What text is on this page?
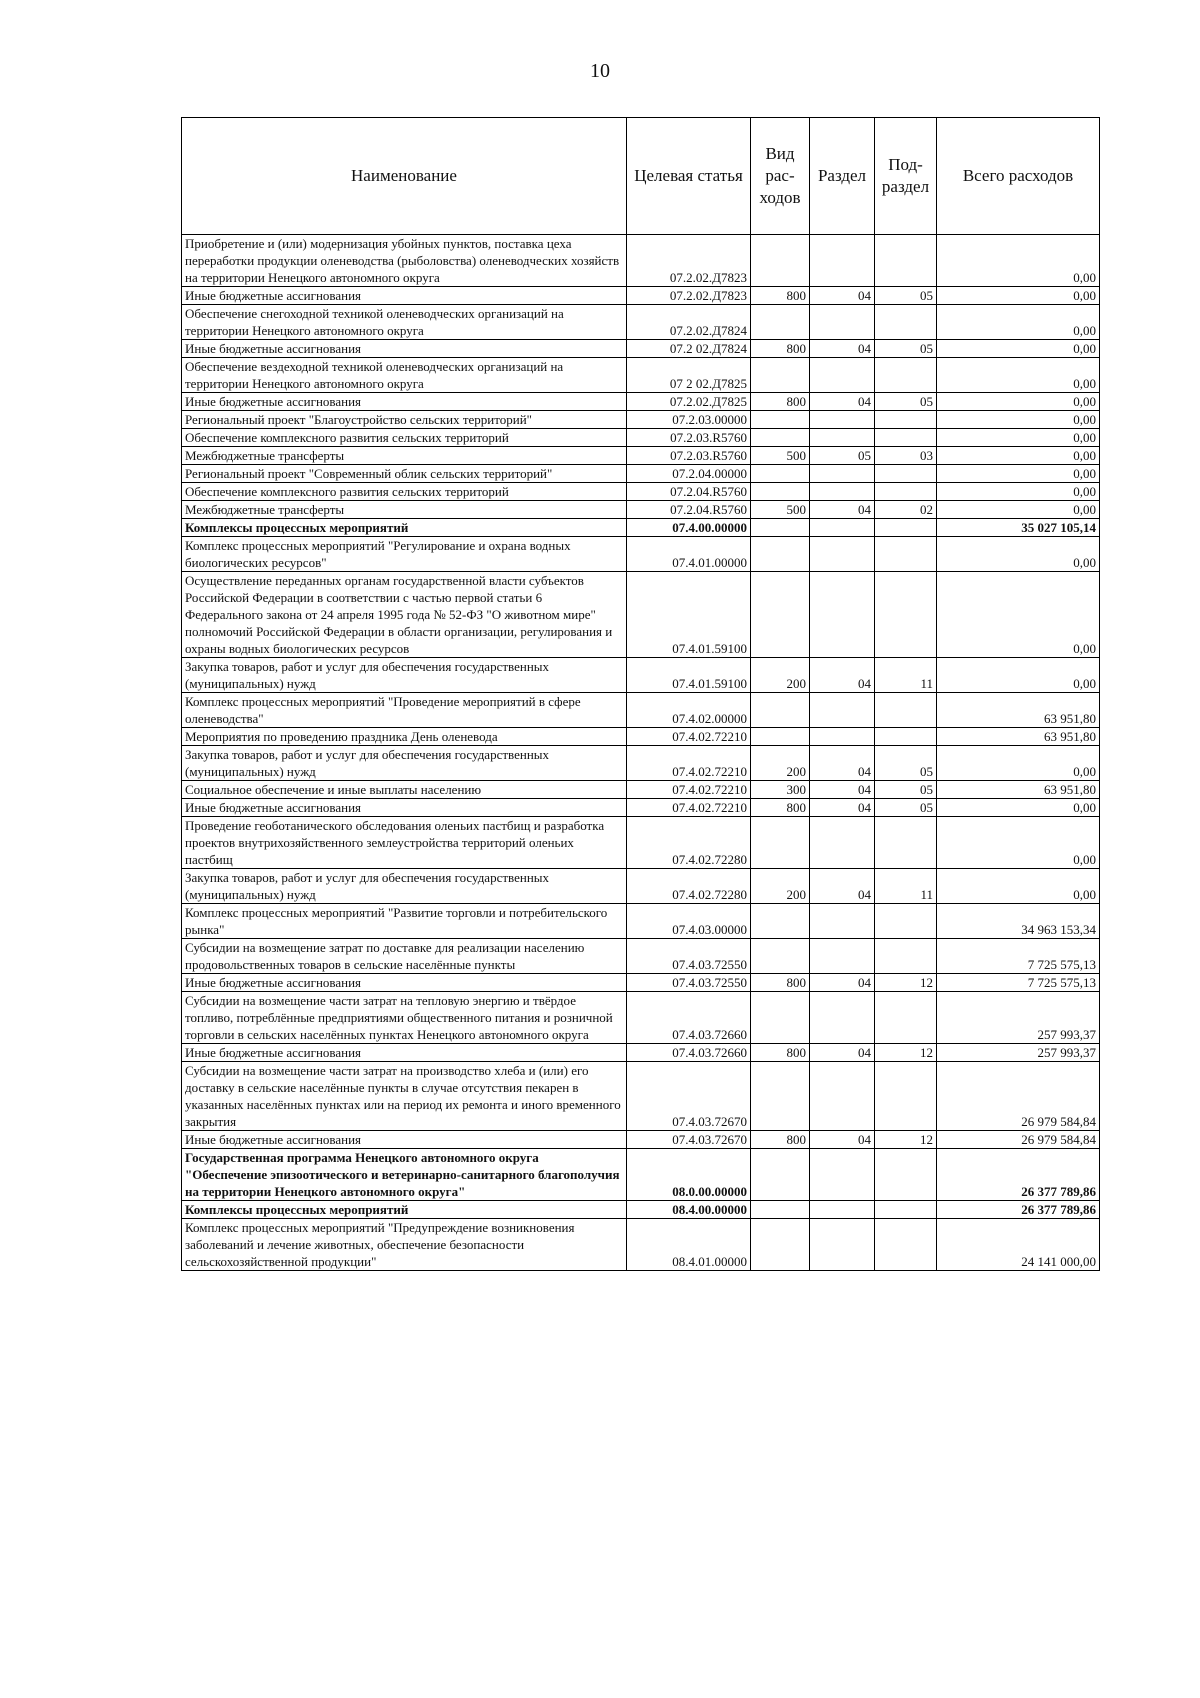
10
Наименование	Целевая статья	Вид рас-ходов	Раздел	Под-раздел	Всего расходов
Приобретение и (или) модернизация убойных пунктов, поставка цеха переработки продукции оленеводства (рыболовства) оленеводческих хозяйств на территории Ненецкого автономного округа	07.2.02.Д7823				0,00
Иные бюджетные ассигнования	07.2.02.Д7823	800	04	05	0,00
Обеспечение снегоходной техникой оленеводческих организаций на территории Ненецкого автономного округа	07.2.02.Д7824				0,00
Иные бюджетные ассигнования	07.2 02.Д7824	800	04	05	0,00
Обеспечение вездеходной техникой оленеводческих организаций на территории Ненецкого автономного округа	07 2 02.Д7825				0,00
Иные бюджетные ассигнования	07.2.02.Д7825	800	04	05	0,00
Региональный проект "Благоустройство сельских территорий"	07.2.03.00000				0,00
Обеспечение комплексного развития сельских территорий	07.2.03.R5760				0,00
Межбюджетные трансферты	07.2.03.R5760	500	05	03	0,00
Региональный проект "Современный облик сельских территорий"	07.2.04.00000				0,00
Обеспечение комплексного развития сельских территорий	07.2.04.R5760				0,00
Межбюджетные трансферты	07.2.04.R5760	500	04	02	0,00
Комплексы процессных мероприятий	07.4.00.00000				35 027 105,14
Комплекс процессных мероприятий "Регулирование и охрана водных биологических ресурсов"	07.4.01.00000				0,00
Осуществление переданных органам государственной власти субъектов Российской Федерации в соответствии с частью первой статьи 6 Федерального закона от 24 апреля 1995 года № 52-ФЗ "О животном мире" полномочий Российской Федерации в области организации, регулирования и охраны водных биологических ресурсов	07.4.01.59100				0,00
Закупка товаров, работ и услуг для обеспечения государственных (муниципальных) нужд	07.4.01.59100	200	04	11	0,00
Комплекс процессных мероприятий "Проведение мероприятий в сфере оленеводства"	07.4.02.00000				63 951,80
Мероприятия по проведению праздника День оленевода	07.4.02.72210				63 951,80
Закупка товаров, работ и услуг для обеспечения государственных (муниципальных) нужд	07.4.02.72210	200	04	05	0,00
Социальное обеспечение и иные выплаты населению	07.4.02.72210	300	04	05	63 951,80
Иные бюджетные ассигнования	07.4.02.72210	800	04	05	0,00
Проведение геоботанического обследования оленьих пастбищ и разработка проектов внутрихозяйственного землеустройства территорий оленьих пастбищ	07.4.02.72280				0,00
Закупка товаров, работ и услуг для обеспечения государственных (муниципальных) нужд	07.4.02.72280	200	04	11	0,00
Комплекс процессных мероприятий "Развитие торговли и потребительского рынка"	07.4.03.00000				34 963 153,34
Субсидии на возмещение затрат по доставке для реализации населению продовольственных товаров в сельские населённые пункты	07.4.03.72550				7 725 575,13
Иные бюджетные ассигнования	07.4.03.72550	800	04	12	7 725 575,13
Субсидии на возмещение части затрат на тепловую энергию и твёрдое топливо, потреблённые предприятиями общественного питания и розничной торговли в сельских населённых пунктах Ненецкого автономного округа	07.4.03.72660				257 993,37
Иные бюджетные ассигнования	07.4.03.72660	800	04	12	257 993,37
Субсидии на возмещение части затрат на производство хлеба и (или) его доставку в сельские населённые пункты в случае отсутствия пекарен в указанных населённых пунктах или на период их ремонта и иного временного закрытия	07.4.03.72670				26 979 584,84
Иные бюджетные ассигнования	07.4.03.72670	800	04	12	26 979 584,84
Государственная программа Ненецкого автономного округа "Обеспечение эпизоотического и ветеринарно-санитарного благополучия на территории Ненецкого автономного округа"	08.0.00.00000				26 377 789,86
Комплексы процессных мероприятий	08.4.00.00000				26 377 789,86
Комплекс процессных мероприятий "Предупреждение возникновения заболеваний и лечение животных, обеспечение безопасности сельскохозяйственной продукции"	08.4.01.00000				24 141 000,00
